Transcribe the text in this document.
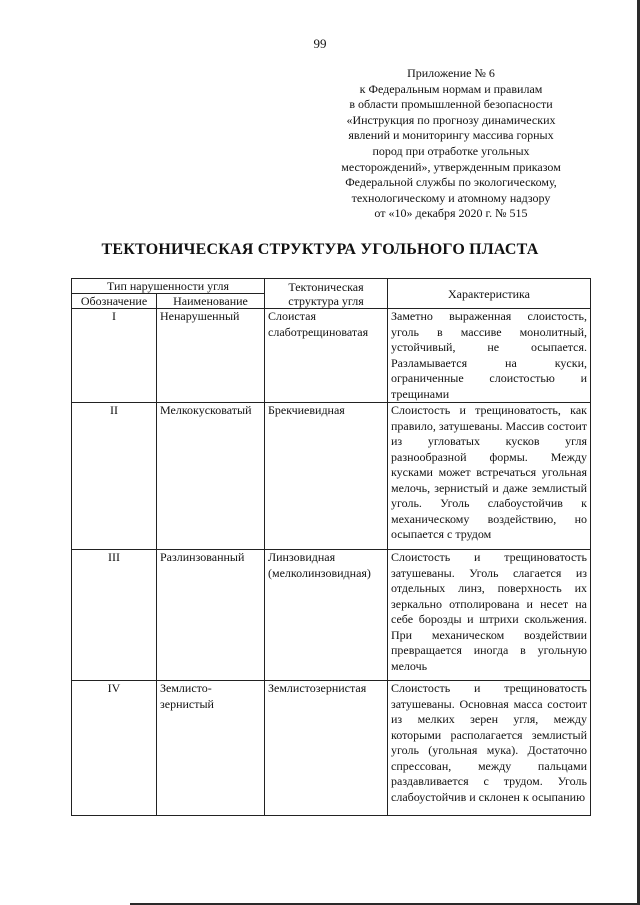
99
Приложение № 6
к Федеральным нормам и правилам
в области промышленной безопасности
«Инструкция по прогнозу динамических
явлений и мониторингу массива горных
пород при отработке угольных
месторождений», утвержденным приказом
Федеральной службы по экологическому,
технологическому и атомному надзору
от «10» декабря 2020 г. № 515
ТЕКТОНИЧЕСКАЯ СТРУКТУРА УГОЛЬНОГО ПЛАСТА
Тип нарушенности угля		Тектоническая структура угля	Характеристика
Обозначение	Наименование		
I	Ненарушенный	Слоистая слаботрещиноватая	Заметно выраженная слоистость, уголь в массиве монолитный, устойчивый, не осыпается. Разламывается на куски, ограниченные слоистостью и трещинами
II	Мелкокусковатый	Брекчиевидная	Слоистость и трещиноватость, как правило, затушеваны. Массив состоит из угловатых кусков угля разнообразной формы. Между кусками может встречаться угольная мелочь, зернистый и даже землистый уголь. Уголь слабоустойчив к механическому воздействию, но осыпается с трудом
III	Разлинзованный	Линзовидная (мелколинзовидная)	Слоистость и трещиноватость затушеваны. Уголь слагается из отдельных линз, поверхность их зеркально отполирована и несет на себе борозды и штрихи скольжения. При механическом воздействии превращается иногда в угольную мелочь
IV	Землисто-зернистый	Землистозернистая	Слоистость и трещиноватость затушеваны. Основная масса состоит из мелких зерен угля, между которыми располагается землистый уголь (угольная мука). Достаточно спрессован, между пальцами раздавливается с трудом. Уголь слабоустойчив и склонен к осыпанию
